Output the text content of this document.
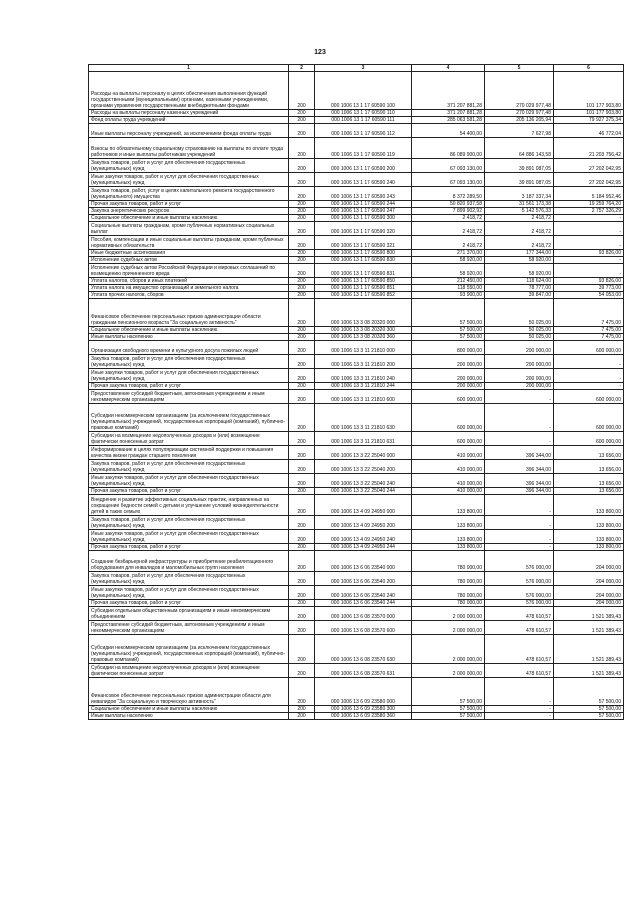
123
1	2	3	4	5	6
Расходы на выплаты персоналу в целях обеспечения выполнения функций государственными (муниципальными) органами, казенными учреждениями, органами управления государственными внебюджетными фондами	200	000 1006 13 1 17 60590 100	371 207 881,28	270 029 977,48	101 177 903,80
Расходы на выплаты персоналу казенных учреждений	200	000 1006 13 1 17 60590 110	371 207 881,28	270 029 977,48	101 177 903,80
Фонд оплаты труда учреждений	200	000 1006 13 1 17 60590 111	285 063 581,28	205 136 205,94	79 927 375,34
Иные выплаты персоналу учреждений, за исключением фонда оплаты труда	200	000 1006 13 1 17 60590 112	54 400,00	7 627,98	46 772,04
Взносы по обязательному социальному страхованию на выплаты по оплате труда работников и иные выплаты работникам учреждений	200	000 1006 13 1 17 60590 119	86 089 900,00	64 886 143,58	21 203 756,42
Закупка товаров, работ и услуг для обеспечения государственных (муниципальных) нужд	200	000 1006 13 1 17 60590 200	67 093 130,00	39 891 087,05	27 202 042,95
Иные закупки товаров, работ и услуг для обеспечения государственных (муниципальных) нужд	200	000 1006 13 1 17 60590 240	67 093 130,00	39 891 087,05	27 202 042,95
Закупка товаров, работ, услуг в целях капитального ремонта государственного (муниципального) имущества	200	000 1006 13 1 17 60590 243	8 372 289,50	3 187 337,34	5 184 952,46
Прочая закупка товаров, работ и услуг	200	000 1006 13 1 17 60590 244	50 820 937,58	31 561 173,38	19 259 764,20
Закупка энергетических ресурсов	200	000 1006 13 1 17 60590 247	7 899 902,92	5 142 576,33	2 757 326,29
Социальное обеспечение и иные выплаты населению	200	000 1006 13 1 17 60590 300	2 418,72	2 418,72	-
Социальные выплаты гражданам, кроме публичных нормативных социальных выплат	200	000 1006 13 1 17 60590 320	2 418,72	2 418,72	-
Пособия, компенсации и иные социальные выплаты гражданам, кроме публичных нормативных обязательств	200	000 1006 13 1 17 60590 321	2 418,72	2 418,72	-
Иные бюджетные ассигнования	200	000 1006 13 1 17 60590 800	271 370,00	177 344,00	93 826,00
Исполнение судебных актов	200	000 1006 13 1 17 60590 830	58 920,00	58 920,00	-
Исполнение судебных актов Российской Федерации и мировых соглашений по возмещению причиненного вреда	200	000 1006 13 1 17 60590 831	58 920,00	58 920,00	-
Уплата налогов, сборов и иных платежей	200	000 1006 13 1 17 60590 850	212 450,00	118 624,00	93 826,00
Уплата налога на имущество организаций и земельного налога	200	000 1006 13 1 17 60590 851	118 550,00	78 777,00	39 773,00
Уплата прочих налогов, сборов	200	000 1006 13 1 17 60590 852	93 900,00	39 847,00	54 053,00
Финансовое обеспечение персональных призов администрации области гражданам пенсионного возраста "За социальную активность"	200	000 1006 13 3 08 20320 000	57 500,00	50 025,00	7 475,00
Социальное обеспечение и иные выплаты населению	200	000 1006 13 3 08 20320 300	57 500,00	50 025,00	7 475,00
Иные выплаты населению	200	000 1006 13 3 08 20320 360	57 500,00	50 025,00	7 475,00
Организация свободного времени и культурного досуга пожилых людей	200	000 1006 13 3 11 21810 000	800 000,00	200 000,00	600 000,00
Закупка товаров, работ и услуг для обеспечения государственных (муниципальных) нужд	200	000 1006 13 3 11 21810 200	200 000,00	200 000,00	-
Иные закупки товаров, работ и услуг для обеспечения государственных (муниципальных) нужд	200	000 1006 13 3 11 21810 240	200 000,00	200 000,00	-
Прочая закупка товаров, работ и услуг	200	000 1006 13 3 11 21810 244	200 000,00	200 000,00	-
Предоставление субсидий бюджетным, автономным учреждениям и иным некоммерческим организациям	200	000 1006 13 3 11 21810 600	600 000,00	-	600 000,00
Субсидии некоммерческим организациям (за исключением государственных (муниципальных) учреждений, государственных корпораций (компаний), публично-правовых компаний)	200	000 1006 13 3 11 21810 630	600 000,00	-	600 000,00
Субсидии на возмещение недополученных доходов и (или) возмещение фактически понесенных затрат	200	000 1006 13 3 11 21810 631	600 000,00	-	600 000,00
Информирование в целях популяризации системной поддержки и повышения качества жизни граждан старшего поколения	200	000 1006 13 3 22 25040 000	410 000,00	396 344,00	13 656,00
Закупка товаров, работ и услуг для обеспечения государственных (муниципальных) нужд	200	000 1006 13 3 22 25040 200	410 000,00	396 344,00	13 656,00
Иные закупки товаров, работ и услуг для обеспечения государственных (муниципальных) нужд	200	000 1006 13 3 22 25040 240	410 000,00	396 344,00	13 656,00
Прочая закупка товаров, работ и услуг	200	000 1006 13 3 22 25040 244	410 000,00	396 344,00	13 656,00
Внедрение и развитие эффективных социальных практик, направленных на сокращение бедности семей с детьми и улучшение условий жизнедеятельности детей в таких семьях	200	000 1006 13 4 09 24950 000	133 800,00	-	133 800,00
Закупка товаров, работ и услуг для обеспечения государственных (муниципальных) нужд	200	000 1006 13 4 09 24950 200	133 800,00	-	133 800,00
Иные закупки товаров, работ и услуг для обеспечения государственных (муниципальных) нужд	200	000 1006 13 4 09 24950 240	133 800,00	-	133 800,00
Прочая закупка товаров, работ и услуг	200	000 1006 13 4 09 24950 244	133 800,00	-	133 800,00
Создание безбарьерной инфраструктуры и приобретение реабилитационного оборудования для инвалидов и маломобильных групп населения	200	000 1006 13 6 06 23540 000	780 000,00	576 000,00	204 000,00
Закупка товаров, работ и услуг для обеспечения государственных (муниципальных) нужд	200	000 1006 13 6 06 23540 200	780 000,00	576 000,00	204 000,00
Иные закупки товаров, работ и услуг для обеспечения государственных (муниципальных) нужд	200	000 1006 13 6 06 23540 240	780 000,00	576 000,00	204 000,00
Прочая закупка товаров, работ и услуг	200	000 1006 13 6 06 23540 244	780 000,00	576 000,00	204 000,00
Субсидии отдельным общественным организациям и иным некоммерческим объединениям	200	000 1006 13 6 08 23570 000	2 000 000,00	478 610,57	1 521 389,43
Предоставление субсидий бюджетным, автономным учреждениям и иным некоммерческим организациям	200	000 1006 13 6 08 23570 600	2 000 000,00	478 610,57	1 521 389,43
Субсидии некоммерческим организациям (за исключением государственных (муниципальных) учреждений, государственных корпораций (компаний), публично-правовых компаний)	200	000 1006 13 6 08 23570 630	2 000 000,00	478 610,57	1 521 389,43
Субсидии на возмещение недополученных доходов и (или) возмещение фактически понесенных затрат	200	000 1006 13 6 08 23570 631	2 000 000,00	478 610,57	1 521 389,43
Финансовое обеспечение персональных призов администрации области для инвалидов "За социальную и творческую активность"	200	000 1006 13 6 09 23580 000	57 500,00	-	57 500,00
Социальное обеспечение и иные выплаты населению	200	000 1006 13 6 09 23580 300	57 500,00	-	57 500,00
Иные выплаты населению	200	000 1006 13 6 09 23580 360	57 500,00	-	57 500,00
